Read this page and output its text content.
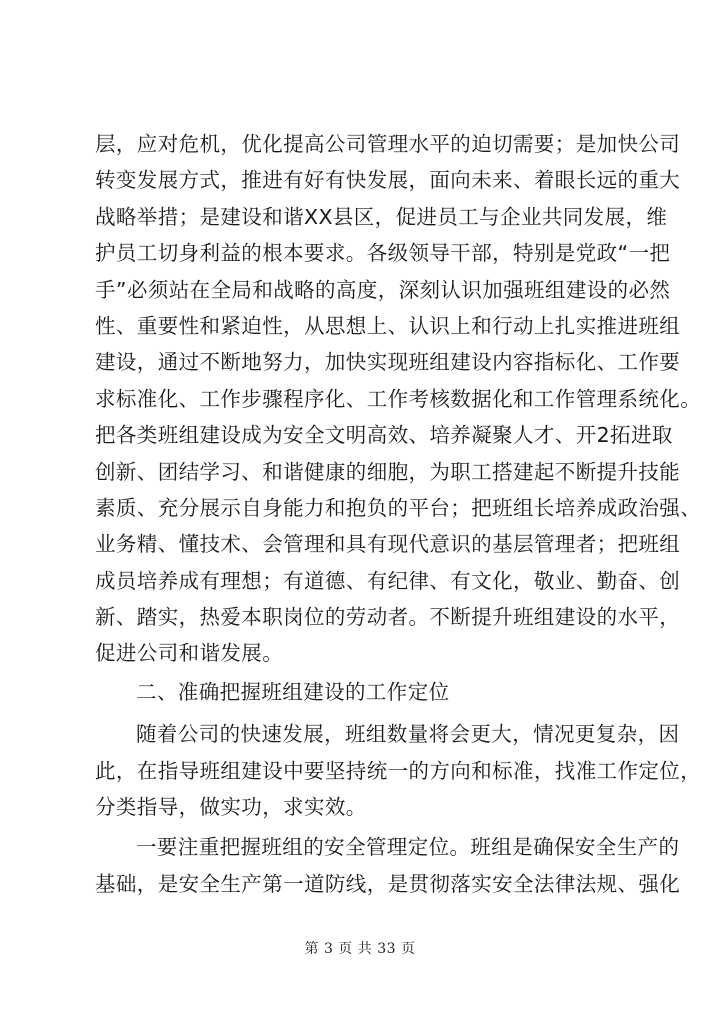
层，应对危机，优化提高公司管理水平的迫切需要；是加快公司
转变发展方式，推进有好有快发展，面向未来、着眼长远的重大
战略举措；是建设和谐XX县区，促进员工与企业共同发展，维
护员工切身利益的根本要求。各级领导干部，特别是党政“一把
手”必须站在全局和战略的高度，深刻认识加强班组建设的必然
性、重要性和紧迫性，从思想上、认识上和行动上扎实推进班组
建设，通过不断地努力，加快实现班组建设内容指标化、工作要
求标准化、工作步骤程序化、工作考核数据化和工作管理系统化。
把各类班组建设成为安全文明高效、培养凝聚人才、开2拓进取
创新、团结学习、和谐健康的细胞，为职工搭建起不断提升技能
素质、充分展示自身能力和抱负的平台；把班组长培养成政治强、
业务精、懂技术、会管理和具有现代意识的基层管理者；把班组
成员培养成有理想；有道德、有纪律、有文化，敬业、勤奋、创
新、踏实，热爱本职岗位的劳动者。不断提升班组建设的水平，
促进公司和谐发展。
二、准确把握班组建设的工作定位
随着公司的快速发展，班组数量将会更大，情况更复杂，因
此，在指导班组建设中要坚持统一的方向和标准，找准工作定位，
分类指导，做实功，求实效。
一要注重把握班组的安全管理定位。班组是确保安全生产的
基础，是安全生产第一道防线，是贯彻落实安全法律法规、强化
第 3 页 共 33 页
